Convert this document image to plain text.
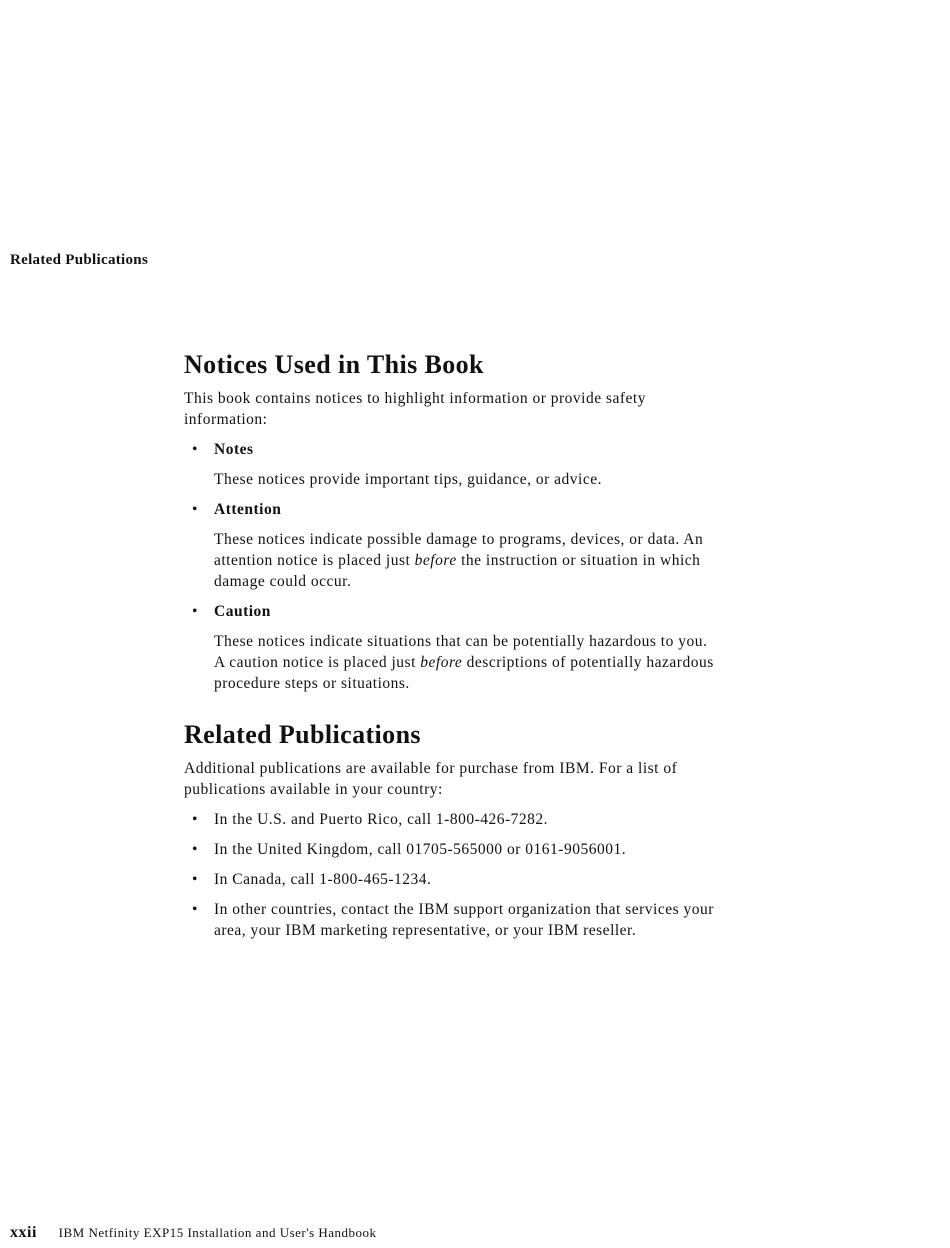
Related Publications
Notices Used in This Book

This book contains notices to highlight information or provide safety information:

• Notes
These notices provide important tips, guidance, or advice.
• Attention
These notices indicate possible damage to programs, devices, or data. An attention notice is placed just before the instruction or situation in which damage could occur.
• Caution
These notices indicate situations that can be potentially hazardous to you. A caution notice is placed just before descriptions of potentially hazardous procedure steps or situations.
Related Publications

Additional publications are available for purchase from IBM. For a list of publications available in your country:

• In the U.S. and Puerto Rico, call 1-800-426-7282.
• In the United Kingdom, call 01705-565000 or 0161-9056001.
• In Canada, call 1-800-465-1234.
• In other countries, contact the IBM support organization that services your area, your IBM marketing representative, or your IBM reseller.
xxii IBM Netfinity EXP15 Installation and User's Handbook
